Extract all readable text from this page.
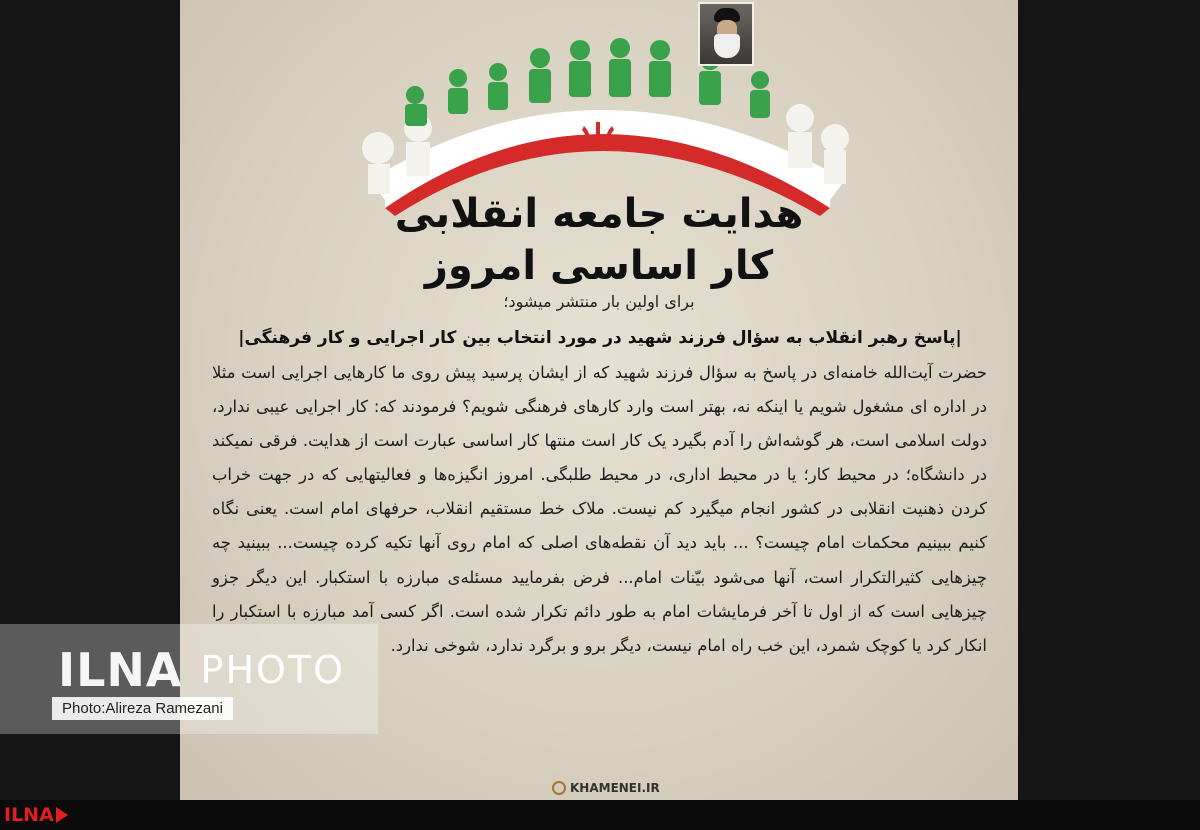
هدایت جامعه انقلابی
کار اساسی امروز
برای اولین بار منتشر میشود؛
|پاسخ رهبر انقلاب به سؤال فرزند شهید در مورد انتخاب بین کار اجرایی و کار فرهنگی|
حضرت آیت‌الله خامنه‌ای در پاسخ به سؤال فرزند شهید که از ایشان پرسید پیش روی ما کارهایی اجرایی است مثلا در اداره ای مشغول شویم یا اینکه نه، بهتر است وارد کارهای فرهنگی شویم؟ فرمودند که: کار اجرایی عیبی ندارد، دولت اسلامی است، هر گوشه‌اش را آدم بگیرد یک کار است منتها کار اساسی عبارت است از هدایت. فرقی نمیکند در دانشگاه؛ در محیط کار؛ یا در محیط اداری، در محیط طلبگی. امروز انگیزه‌ها و فعالیتهایی که در جهت خراب کردن ذهنیت انقلابی در کشور انجام میگیرد کم نیست. ملاک خط مستقیم انقلاب، حرفهای امام است. یعنی نگاه کنیم ببینیم محکمات امام چیست؟ ... باید دید آن نقطه‌های اصلی که امام روی آنها تکیه کرده چیست... ببینید چه چیزهایی کثیرالتکرار است، آنها می‌شود بیّنات امام... فرض بفرمایید مسئله‌ی مبارزه با استکبار. این دیگر جزو چیزهایی است که از اول تا آخر فرمایشات امام به طور دائم تکرار شده است. اگر کسی آمد مبارزه با استکبار را انکار کرد یا کوچک شمرد، این خب راه امام نیست، دیگر برو و برگرد ندارد، شوخی ندارد.
KHAMENEI.IR
ILNA PHOTO
Photo:Alireza Ramezani
ILNA
